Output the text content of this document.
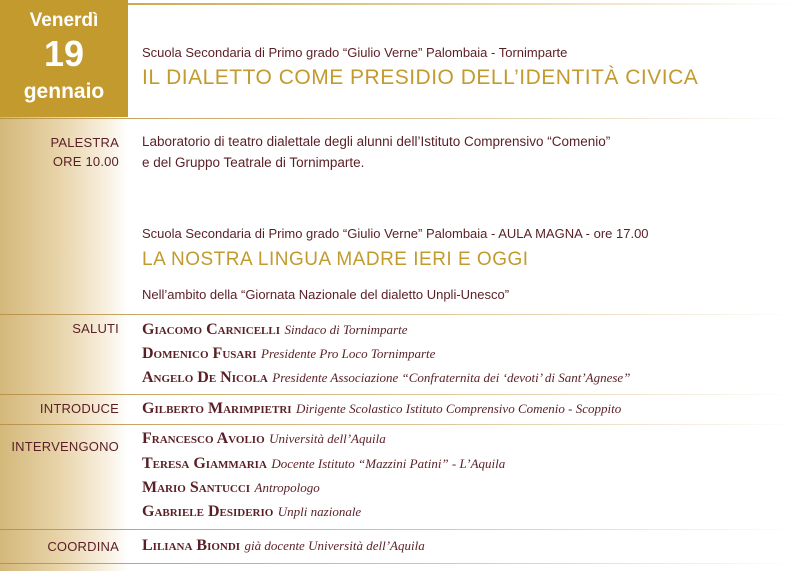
Venerdì
19
gennaio
Scuola Secondaria di Primo grado “Giulio Verne” Palombaia - Tornimparte
IL DIALETTO COME PRESIDIO DELL’IDENTITÀ CIVICA
PALESTRA
ORE 10.00
Laboratorio di teatro dialettale degli alunni dell’Istituto Comprensivo “Comenio”
e del Gruppo Teatrale di Tornimparte.
Scuola Secondaria di Primo grado “Giulio Verne” Palombaia - AULA MAGNA - ore 17.00
LA NOSTRA LINGUA MADRE IERI E OGGI
Nell’ambito della “Giornata Nazionale del dialetto Unpli-Unesco”
SALUTI Giacomo Carnicelli Sindaco di Tornimparte
Domenico Fusari Presidente Pro Loco Tornimparte
Angelo De Nicola Presidente Associazione “Confraternita dei ‘devoti’ di Sant’Agnese”
INTRODUCE Gilberto Marimpietri Dirigente Scolastico Istituto Comprensivo Comenio - Scoppito
INTERVENGONO Francesco Avolio Università dell’Aquila
Teresa Giammaria Docente Istituto “Mazzini Patini” - L’Aquila
Mario Santucci Antropologo
Gabriele Desiderio Unpli nazionale
COORDINA Liliana Biondi già docente Università dell’Aquila
